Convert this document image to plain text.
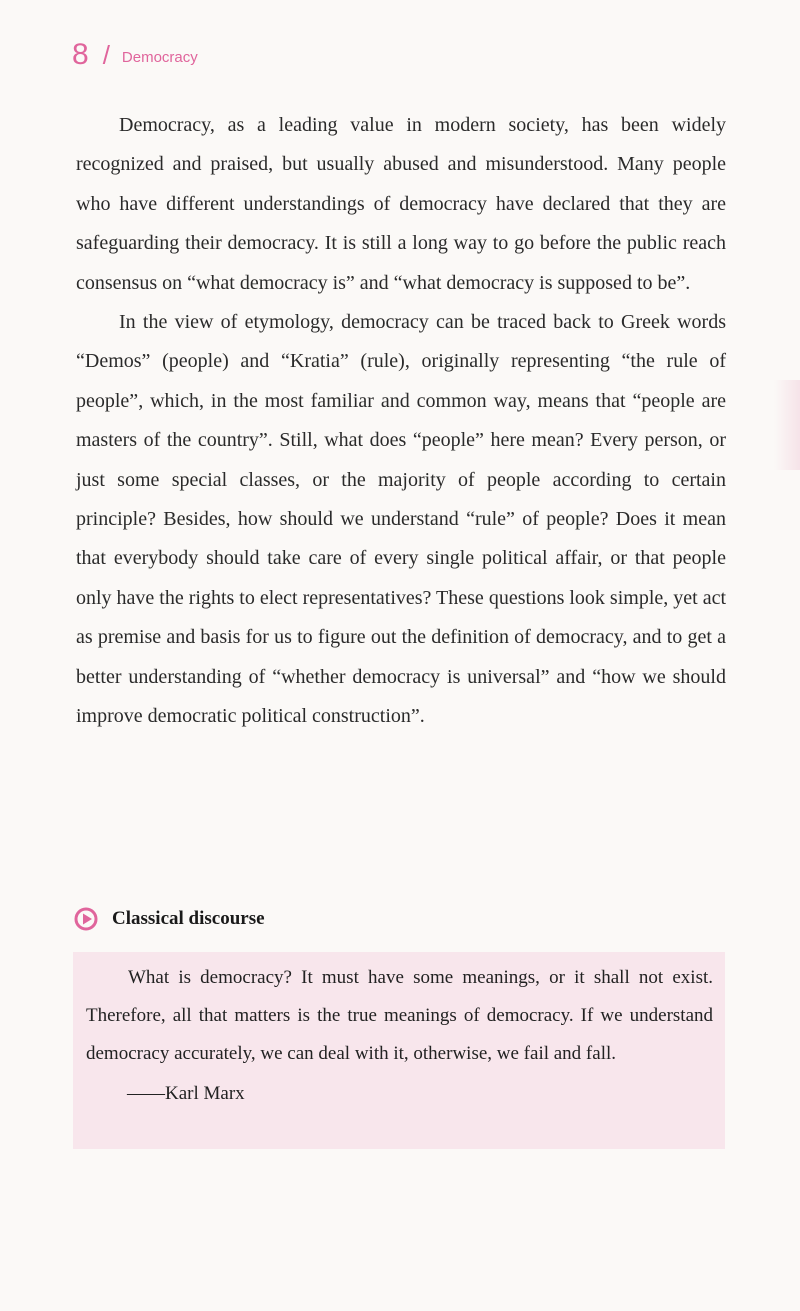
8 / Democracy

Democracy, as a leading value in modern society, has been widely recognized and praised, but usually abused and misunderstood. Many people who have different understandings of democracy have declared that they are safeguarding their democracy. It is still a long way to go before the public reach consensus on “what democracy is” and “what democracy is supposed to be”.

In the view of etymology, democracy can be traced back to Greek words “Demos” (people) and “Kratia” (rule), originally representing “the rule of people”, which, in the most familiar and common way, means that “people are masters of the country”. Still, what does “people” here mean? Every person, or just some special classes, or the majority of people according to certain principle? Besides, how should we understand “rule” of people? Does it mean that everybody should take care of every single political affair, or that people only have the rights to elect representatives? These questions look simple, yet act as premise and basis for us to figure out the definition of democracy, and to get a better understanding of “whether democracy is universal” and “how we should improve democratic political construction”.

Classical discourse

What is democracy? It must have some meanings, or it shall not exist. Therefore, all that matters is the true meanings of democracy. If we understand democracy accurately, we can deal with it, otherwise, we fail and fall.

——Karl Marx
